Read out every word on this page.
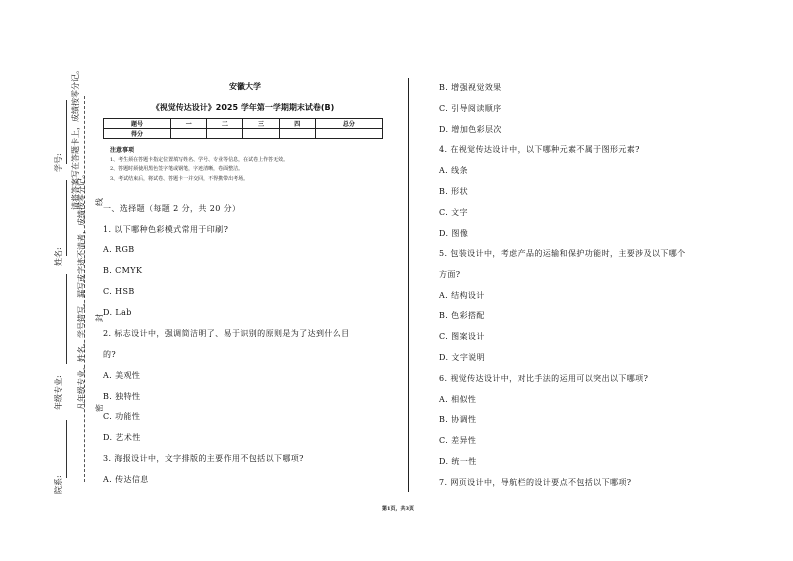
线
封
密
请将答案写在答题卡上，成绩按零分记。
凡年级专业、姓名、学号错写、漏写或字迹不清者，成绩按零分记。
学号:
姓名:
年级专业:
院系:
安徽大学
《视觉传达设计》2025 学年第一学期期末试卷(B)
题号	一	二	三	四	总分
得分					
注意事项
1、考生须在答题卡指定位置填写姓名、学号、专业等信息，在试卷上作答无效。
2、答题时须使用黑色签字笔或钢笔，字迹清晰，卷面整洁。
3、考试结束后，将试卷、答题卡一并交回，不得携带出考场。
一、选择题（每题 2 分，共 20 分）
1. 以下哪种色彩模式常用于印刷?
A. RGB
B. CMYK
C. HSB
D. Lab
2. 标志设计中，强调简洁明了、易于识别的原则是为了达到什么目
的?
A. 美观性
B. 独特性
C. 功能性
D. 艺术性
3. 海报设计中，文字排版的主要作用不包括以下哪项?
A. 传达信息
B. 增强视觉效果
C. 引导阅读顺序
D. 增加色彩层次
4. 在视觉传达设计中，以下哪种元素不属于图形元素?
A. 线条
B. 形状
C. 文字
D. 图像
5. 包装设计中，考虑产品的运输和保护功能时，主要涉及以下哪个
方面?
A. 结构设计
B. 色彩搭配
C. 图案设计
D. 文字说明
6. 视觉传达设计中，对比手法的运用可以突出以下哪项?
A. 相似性
B. 协调性
C. 差异性
D. 统一性
7. 网页设计中，导航栏的设计要点不包括以下哪项?
第1页，共3页
